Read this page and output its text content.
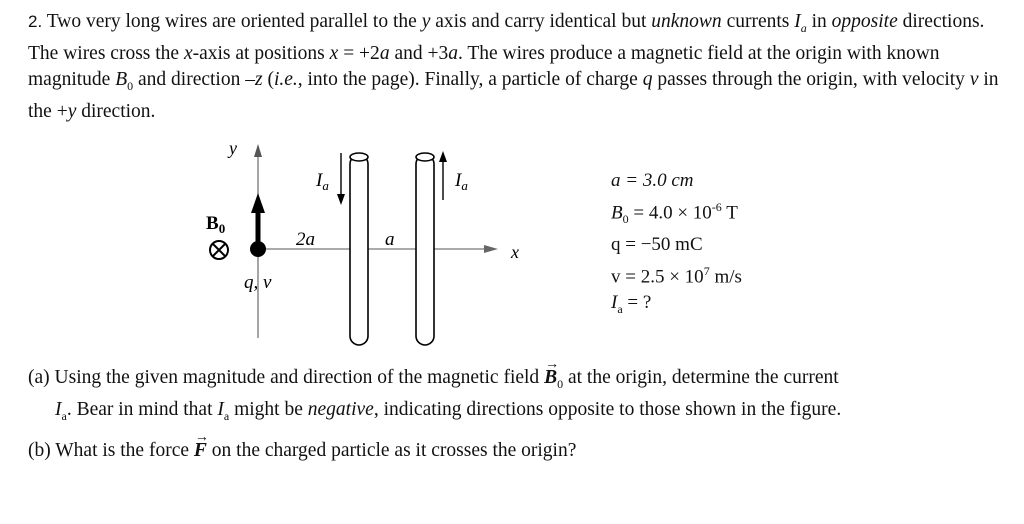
2. Two very long wires are oriented parallel to the y axis and carry identical but unknown currents $I_a$ in opposite directions. The wires cross the x-axis at positions x = +2a and +3a. The wires produce a magnetic field at the origin with known magnitude $B_0$ and direction –z (i.e., into the page). Finally, a particle of charge q passes through the origin, with velocity v in the +y direction.
y
x
q, v
$B_0$
$I_a$	$I_a$
2a	a
a = 3.0 cm
$B_0 = 4.0 \times 10^{-6}$ T
q = −50 mC
$v = 2.5 \times 10^7$ m/s
$I_a$ = ?
(a) Using the given magnitude and direction of the magnetic field → $B_0$ at the origin, determine the current
$I_a$. Bear in mind that $I_a$ might be negative, indicating directions opposite to those shown in the figure.
(b) What is the force → F on the charged particle as it crosses the origin?
